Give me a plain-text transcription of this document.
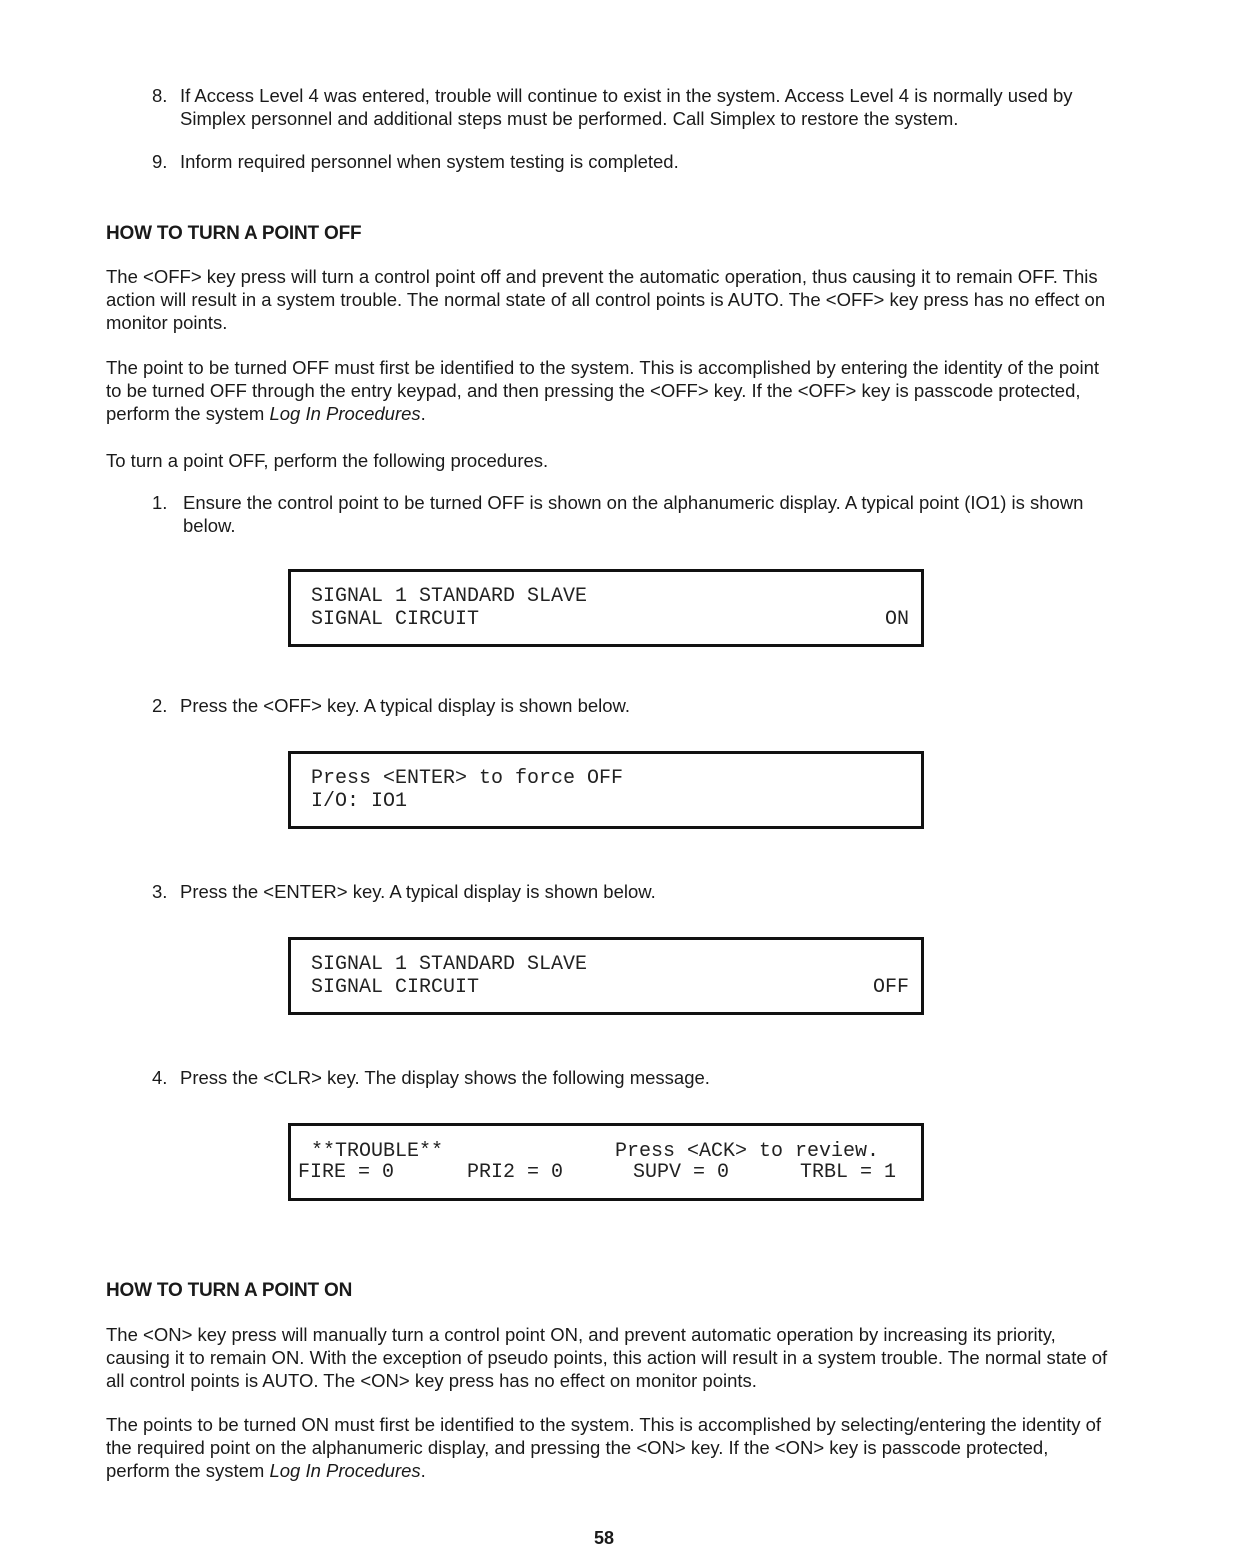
8. If Access Level 4 was entered, trouble will continue to exist in the system. Access Level 4 is normally used by Simplex personnel and additional steps must be performed. Call Simplex to restore the system.
9. Inform required personnel when system testing is completed.
HOW TO TURN A POINT OFF

The <OFF> key press will turn a control point off and prevent the automatic operation, thus causing it to remain OFF. This action will result in a system trouble. The normal state of all control points is AUTO. The <OFF> key press has no effect on monitor points.

The point to be turned OFF must first be identified to the system. This is accomplished by entering the identity of the point to be turned OFF through the entry keypad, and then pressing the <OFF> key. If the <OFF> key is passcode protected, perform the system Log In Procedures.

To turn a point OFF, perform the following procedures.

1. Ensure the control point to be turned OFF is shown on the alphanumeric display. A typical point (IO1) is shown below.
SIGNAL 1 STANDARD SLAVE
SIGNAL CIRCUIT	ON
2. Press the <OFF> key. A typical display is shown below.
Press <ENTER> to force OFF
I/O: IO1
3. Press the <ENTER> key. A typical display is shown below.
SIGNAL 1 STANDARD SLAVE
SIGNAL CIRCUIT	OFF
4. Press the <CLR> key. The display shows the following message.
**TROUBLE**	Press <ACK> to review.
FIRE = 0	PRI2 = 0	SUPV = 0	TRBL = 1
HOW TO TURN A POINT ON

The <ON> key press will manually turn a control point ON, and prevent automatic operation by increasing its priority, causing it to remain ON. With the exception of pseudo points, this action will result in a system trouble. The normal state of all control points is AUTO. The <ON> key press has no effect on monitor points.

The points to be turned ON must first be identified to the system. This is accomplished by selecting/entering the identity of the required point on the alphanumeric display, and pressing the <ON> key. If the <ON> key is passcode protected, perform the system Log In Procedures.

58
